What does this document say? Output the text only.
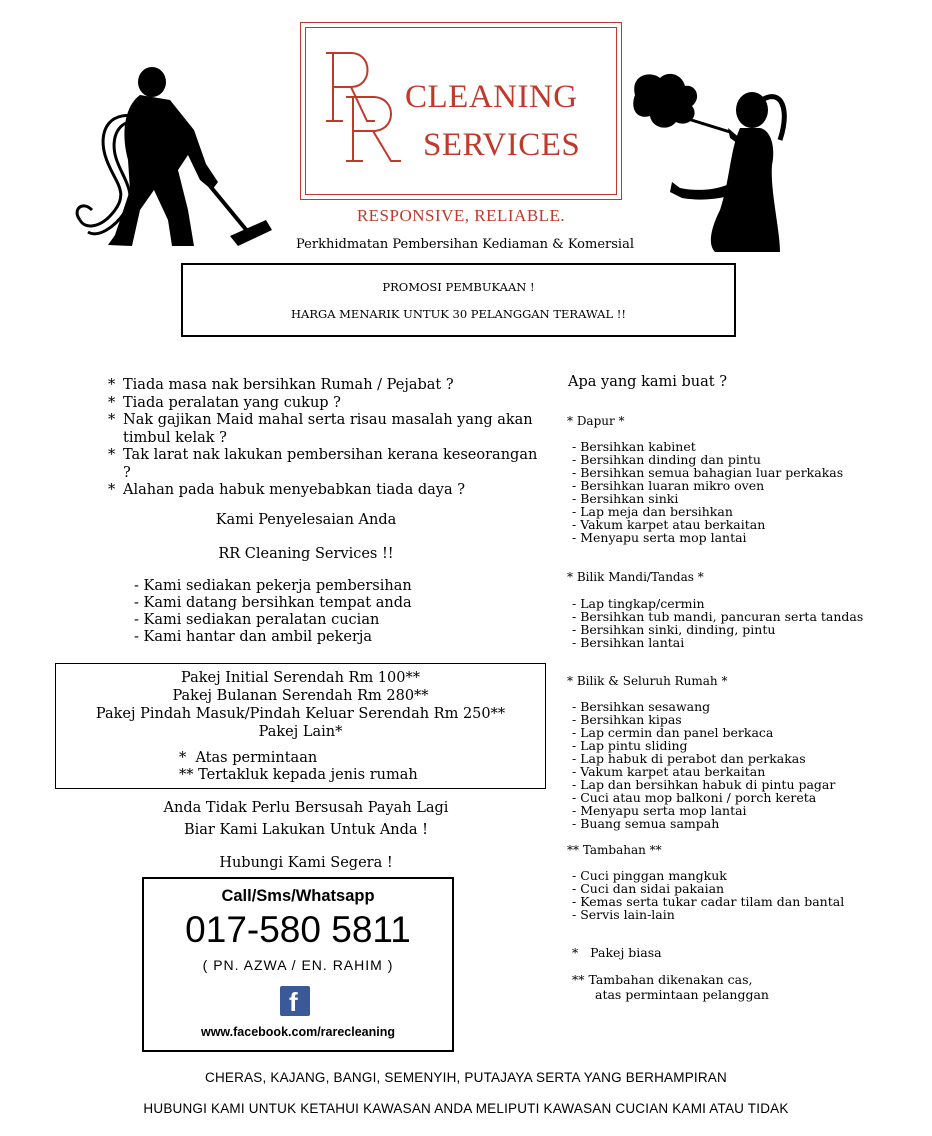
CLEANING
SERVICES
RESPONSIVE, RELIABLE.
Perkhidmatan Pembersihan Kediaman & Komersial
PROMOSI PEMBUKAAN !
HARGA MENARIK UNTUK 30 PELANGGAN TERAWAL !!
* Tiada masa nak bersihkan Rumah / Pejabat ?
* Tiada peralatan yang cukup ?
* Nak gajikan Maid mahal serta risau masalah yang akan timbul kelak ?
* Tak larat nak lakukan pembersihan kerana keseorangan ?
* Alahan pada habuk menyebabkan tiada daya ?
Kami Penyelesaian Anda
RR Cleaning Services !!
- Kami sediakan pekerja pembersihan
- Kami datang bersihkan tempat anda
- Kami sediakan peralatan cucian
- Kami hantar dan ambil pekerja
Pakej Initial Serendah Rm 100**
Pakej Bulanan Serendah Rm 280**
Pakej Pindah Masuk/Pindah Keluar Serendah Rm 250**
Pakej Lain*
*  Atas permintaan
** Tertakluk kepada jenis rumah
Anda Tidak Perlu Bersusah Payah Lagi
Biar Kami Lakukan Untuk Anda !
Hubungi Kami Segera !
Call/Sms/Whatsapp
017-580 5811
( PN. AZWA / EN. RAHIM )
f
www.facebook.com/rarecleaning
Apa yang kami buat ?
* Dapur *
- Bersihkan kabinet
- Bersihkan dinding dan pintu
- Bersihkan semua bahagian luar perkakas
- Bersihkan luaran mikro oven
- Bersihkan sinki
- Lap meja dan bersihkan
- Vakum karpet atau berkaitan
- Menyapu serta mop lantai
* Bilik Mandi/Tandas *
- Lap tingkap/cermin
- Bersihkan tub mandi, pancuran serta tandas
- Bersihkan sinki, dinding, pintu
- Bersihkan lantai
* Bilik & Seluruh Rumah *
- Bersihkan sesawang
- Bersihkan kipas
- Lap cermin dan panel berkaca
- Lap pintu sliding
- Lap habuk di perabot dan perkakas
- Vakum karpet atau berkaitan
- Lap dan bersihkan habuk di pintu pagar
- Cuci atau mop balkoni / porch kereta
- Menyapu serta mop lantai
- Buang semua sampah
** Tambahan **
- Cuci pinggan mangkuk
- Cuci dan sidai pakaian
- Kemas serta tukar cadar tilam dan bantal
- Servis lain-lain
*   Pakej biasa
** Tambahan dikenakan cas,
atas permintaan pelanggan
CHERAS, KAJANG, BANGI, SEMENYIH, PUTAJAYA SERTA YANG BERHAMPIRAN
HUBUNGI KAMI UNTUK KETAHUI KAWASAN ANDA MELIPUTI KAWASAN CUCIAN KAMI ATAU TIDAK
